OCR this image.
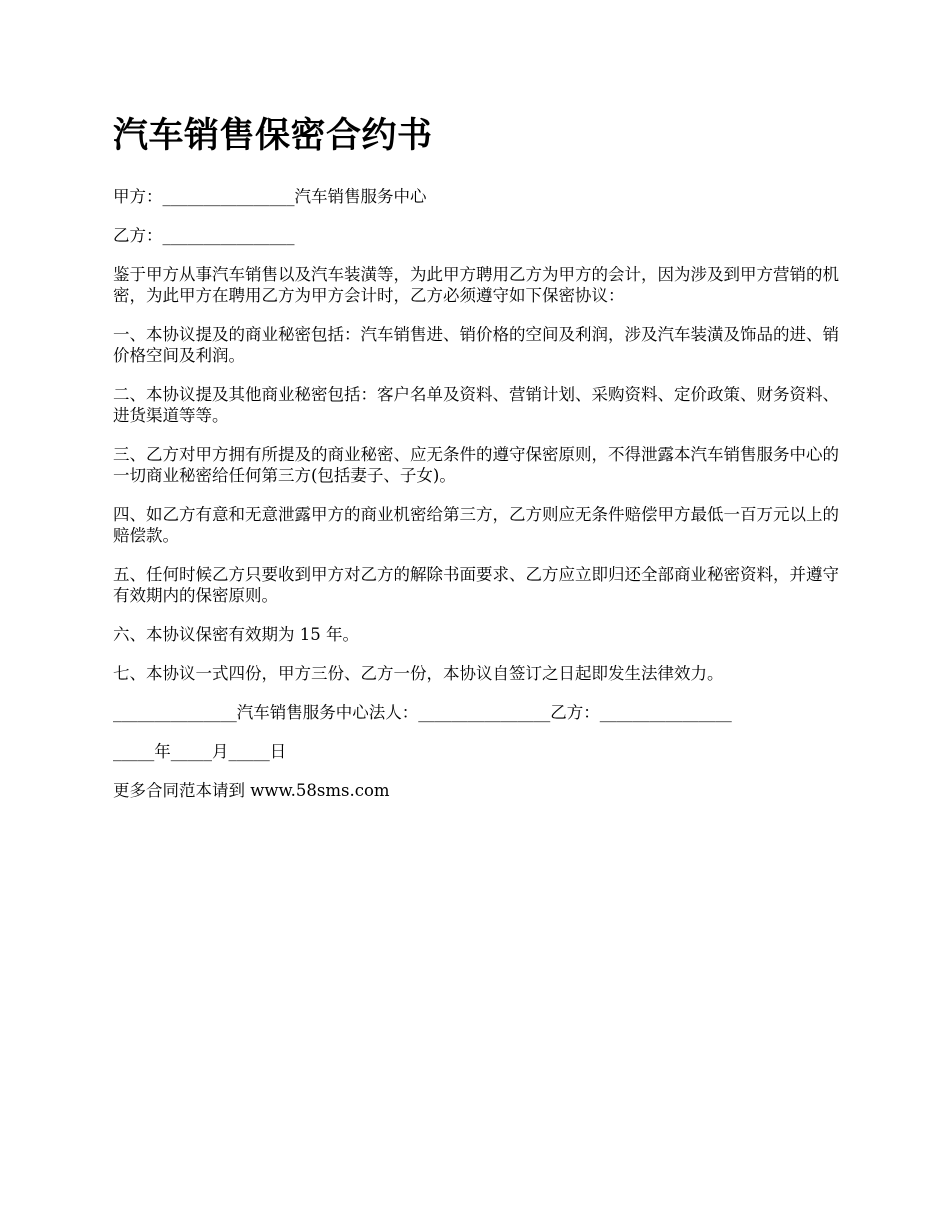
汽车销售保密合约书

甲方：________________汽车销售服务中心

乙方：________________

鉴于甲方从事汽车销售以及汽车装潢等，为此甲方聘用乙方为甲方的会计，因为涉及到甲方营销的机密，为此甲方在聘用乙方为甲方会计时，乙方必须遵守如下保密协议：

一、本协议提及的商业秘密包括：汽车销售进、销价格的空间及利润，涉及汽车装潢及饰品的进、销价格空间及利润。

二、本协议提及其他商业秘密包括：客户名单及资料、营销计划、采购资料、定价政策、财务资料、进货渠道等等。

三、乙方对甲方拥有所提及的商业秘密、应无条件的遵守保密原则，不得泄露本汽车销售服务中心的一切商业秘密给任何第三方(包括妻子、子女)。

四、如乙方有意和无意泄露甲方的商业机密给第三方，乙方则应无条件赔偿甲方最低一百万元以上的赔偿款。

五、任何时候乙方只要收到甲方对乙方的解除书面要求、乙方应立即归还全部商业秘密资料，并遵守有效期内的保密原则。

六、本协议保密有效期为 15 年。

七、本协议一式四份，甲方三份、乙方一份，本协议自签订之日起即发生法律效力。

_______________汽车销售服务中心法人：________________乙方：________________

_____年_____月_____日

更多合同范本请到 www.58sms.com
